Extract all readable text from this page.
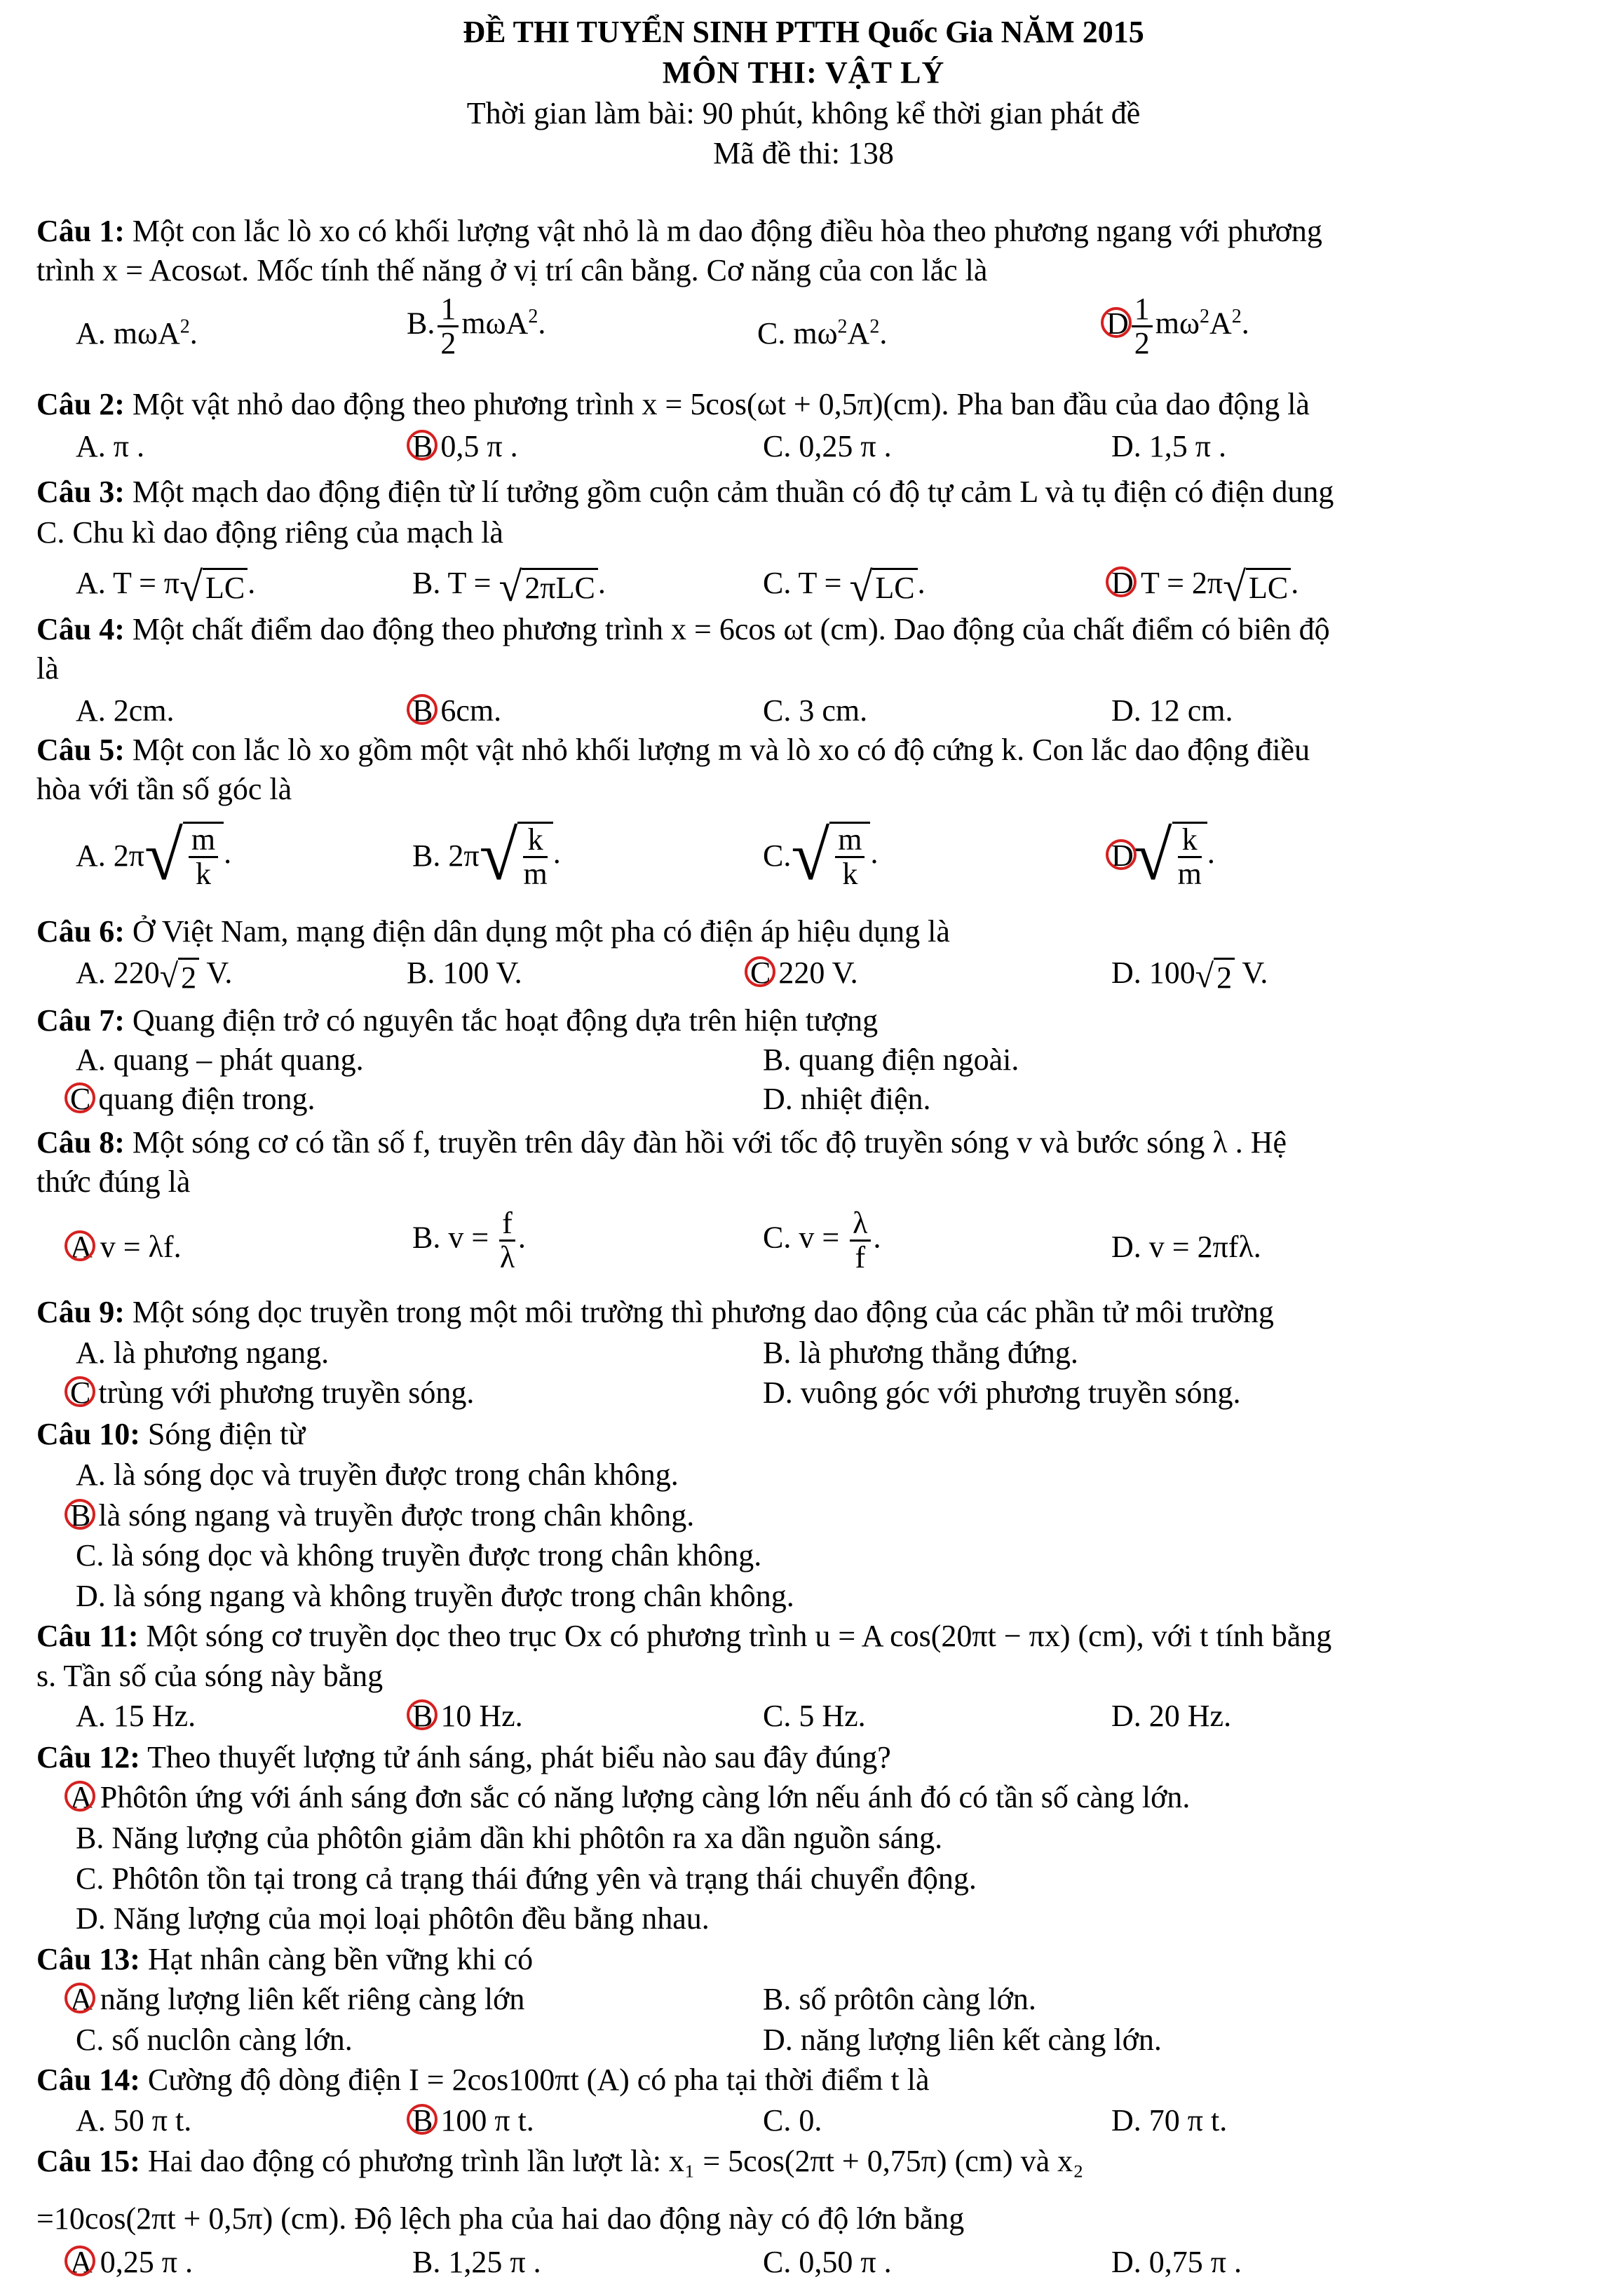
ĐỀ THI TUYỂN SINH PTTH Quốc Gia NĂM 2015
MÔN THI: VẬT LÝ
Thời gian làm bài: 90 phút, không kể thời gian phát đề
Mã đề thi: 138
Câu 1: Một con lắc lò xo có khối lượng vật nhỏ là m dao động điều hòa theo phương ngang với phương
trình x = Acosωt. Mốc tính thế năng ở vị trí cân bằng. Cơ năng của con lắc là
A. mωA$^2$.	B. $\frac{1}{2} m\omega A^2$.	C. $m\omega^2A^2$.	D $\frac{1}{2} m\omega^2A^2$.
Câu 2: Một vật nhỏ dao động theo phương trình x = 5cos(ωt + 0,5π)(cm). Pha ban đầu của dao động là
A. π .	B 0,5 π .	C. 0,25 π .	D. 1,5 π .
Câu 3: Một mạch dao động điện từ lí tưởng gồm cuộn cảm thuần có độ tự cảm L và tụ điện có điện dung
C. Chu kì dao động riêng của mạch là
A. T = π√LC.	B. T = √2πLC.	C. T = √LC.	D T = 2π√LC.
Câu 4: Một chất điểm dao động theo phương trình x = 6cos ωt (cm). Dao động của chất điểm có biên độ
là
A. 2cm.	B 6cm.	C. 3 cm.	D. 12 cm.
Câu 5: Một con lắc lò xo gồm một vật nhỏ khối lượng m và lò xo có độ cứng k. Con lắc dao động điều
hòa với tần số góc là
A. $2\pi√ \frac{m}{k}$ .	B. $2\pi√ \frac{k}{m}$ .	$C.√ \frac{m}{k}$ .	$D√ \frac{k}{m}$ .
Câu 6: Ở Việt Nam, mạng điện dân dụng một pha có điện áp hiệu dụng là
A. 220√2 V.	B. 100 V.	C 220 V.	D. 100√2 V.
Câu 7: Quang điện trở có nguyên tắc hoạt động dựa trên hiện tượng
A. quang – phát quang.	B. quang điện ngoài.
C quang điện trong.	D. nhiệt điện.
Câu 8: Một sóng cơ có tần số f, truyền trên dây đàn hồi với tốc độ truyền sóng v và bước sóng λ . Hệ
thức đúng là
A v = λf.	B. $v = \frac{f}{\lambda}$ .	C. $v = \frac{\lambda}{f}$ .	D. v = 2πfλ.
Câu 9: Một sóng dọc truyền trong một môi trường thì phương dao động của các phần tử môi trường
A. là phương ngang.	B. là phương thẳng đứng.
C trùng với phương truyền sóng.	D. vuông góc với phương truyền sóng.
Câu 10: Sóng điện từ
A. là sóng dọc và truyền được trong chân không.
B là sóng ngang và truyền được trong chân không.
C. là sóng dọc và không truyền được trong chân không.
D. là sóng ngang và không truyền được trong chân không.
Câu 11: Một sóng cơ truyền dọc theo trục Ox có phương trình u = A cos(20πt − πx) (cm), với t tính bằng
s. Tần số của sóng này bằng
A. 15 Hz.	B 10 Hz.	C. 5 Hz.	D. 20 Hz.
Câu 12: Theo thuyết lượng tử ánh sáng, phát biểu nào sau đây đúng?
A Phôtôn ứng với ánh sáng đơn sắc có năng lượng càng lớn nếu ánh đó có tần số càng lớn.
B. Năng lượng của phôtôn giảm dần khi phôtôn ra xa dần nguồn sáng.
C. Phôtôn tồn tại trong cả trạng thái đứng yên và trạng thái chuyển động.
D. Năng lượng của mọi loại phôtôn đều bằng nhau.
Câu 13: Hạt nhân càng bền vững khi có
A năng lượng liên kết riêng càng lớn	B. số prôtôn càng lớn.
C. số nuclôn càng lớn.	D. năng lượng liên kết càng lớn.
Câu 14: Cường độ dòng điện I = 2cos100πt (A) có pha tại thời điểm t là
A. 50 π t.	B 100 π t.	C. 0.	D. 70 π t.
Câu 15: Hai dao động có phương trình lần lượt là: x₁ = 5cos(2πt + 0,75π) (cm) và x₂
=10cos(2πt + 0,5π) (cm). Độ lệch pha của hai dao động này có độ lớn bằng
A 0,25 π .	B. 1,25 π .	C. 0,50 π .	D. 0,75 π .
